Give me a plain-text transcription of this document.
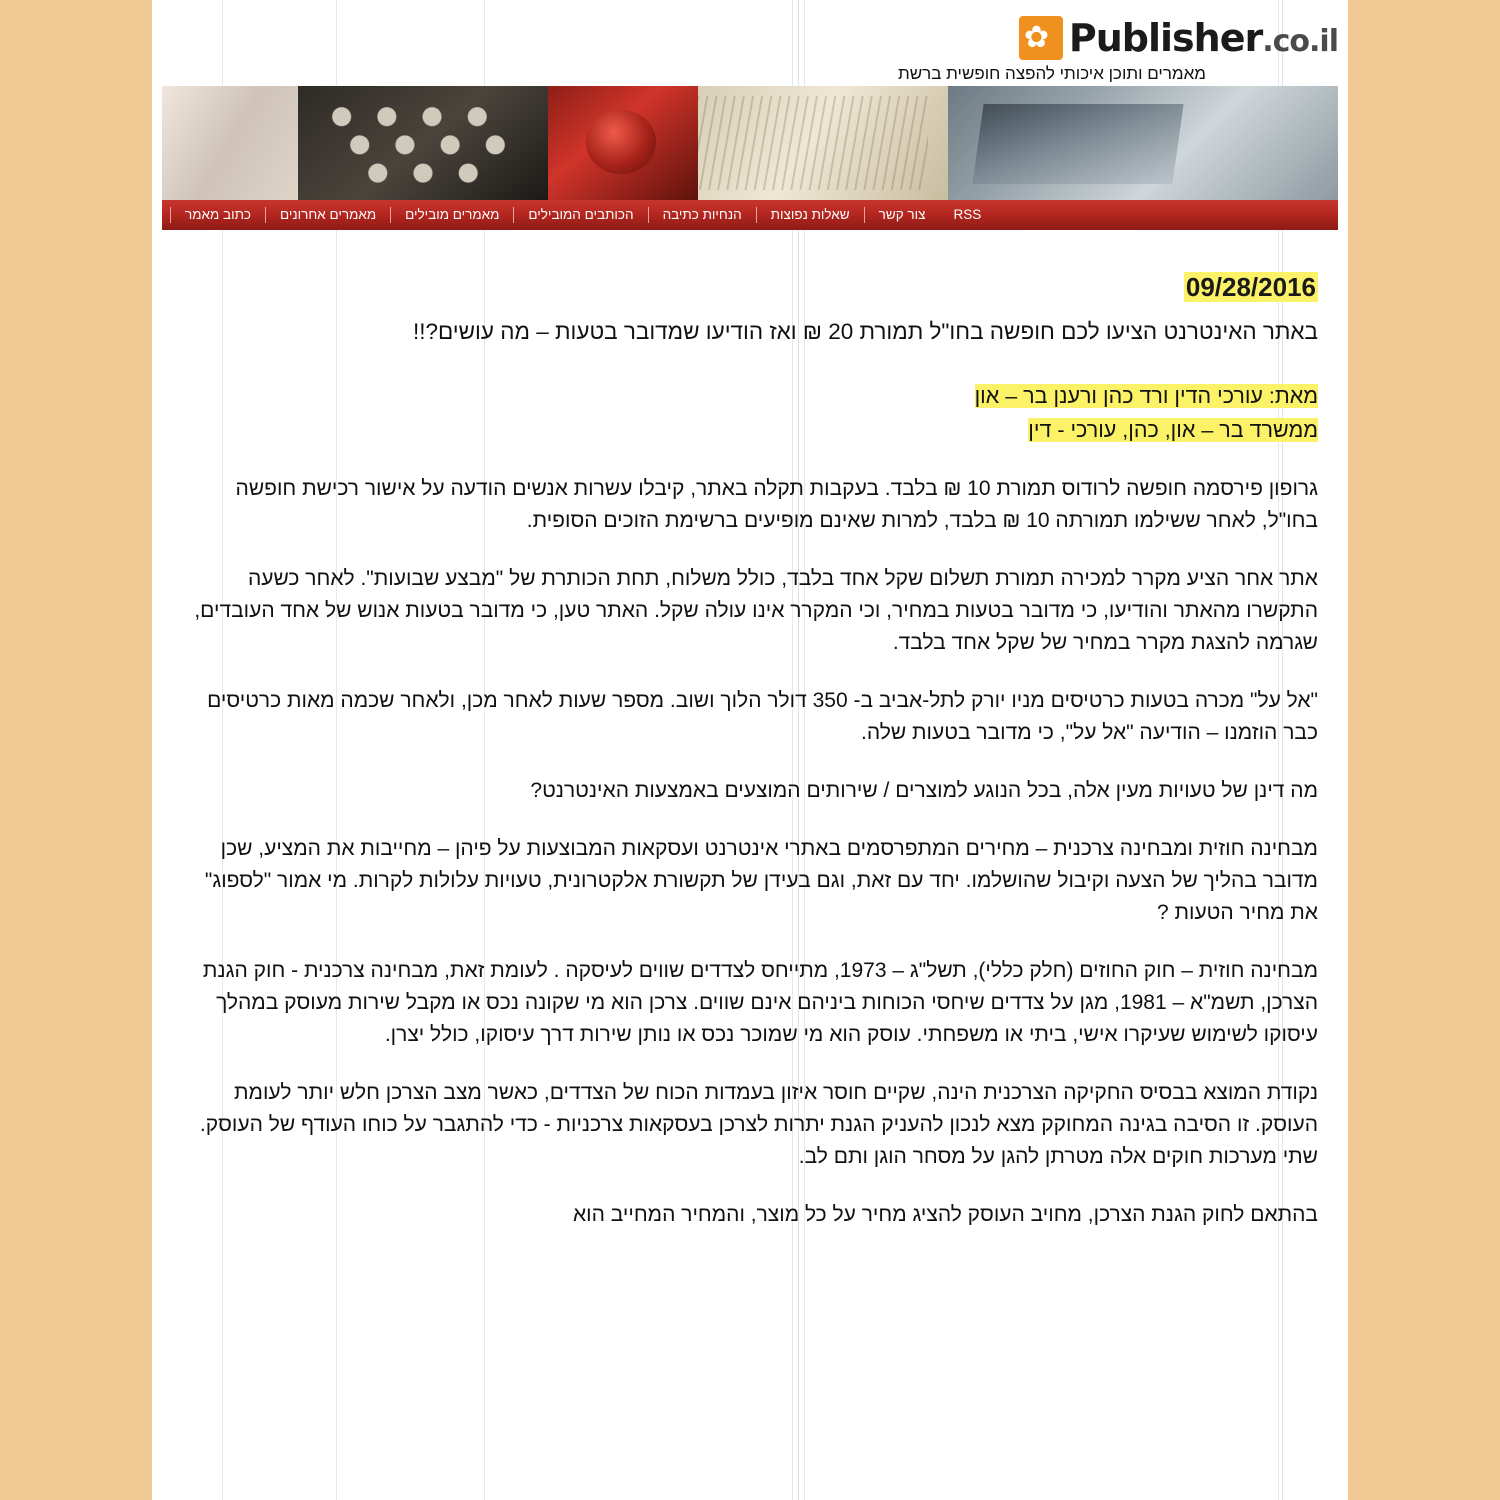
✿ Publisher.co.il
מאמרים ותוכן איכותי להפצה חופשית ברשת
כתוב מאמר	מאמרים אחרונים	מאמרים מובילים	הכותבים המובילים	הנחיות כתיבה	שאלות נפוצות	צור קשר	RSS
09/28/2016
באתר האינטרנט הציעו לכם חופשה בחו"ל תמורת 20 ₪ ואז הודיעו שמדובר בטעות – מה עושים?!!
מאת: עורכי הדין ורד כהן ורענן בר – און
ממשרד בר – און, כהן, עורכי - דין

גרופון פירסמה חופשה לרודוס תמורת 10 ₪ בלבד. בעקבות תקלה באתר, קיבלו עשרות אנשים הודעה על אישור רכישת חופשה בחו"ל, לאחר ששילמו תמורתה 10 ₪ בלבד, למרות שאינם מופיעים ברשימת הזוכים הסופית.

אתר אחר הציע מקרר למכירה תמורת תשלום שקל אחד בלבד, כולל משלוח, תחת הכותרת של "מבצע שבועות". לאחר כשעה התקשרו מהאתר והודיעו, כי מדובר בטעות במחיר, וכי המקרר אינו עולה שקל. האתר טען, כי מדובר בטעות אנוש של אחד העובדים, שגרמה להצגת מקרר במחיר של שקל אחד בלבד.

"אל על" מכרה בטעות כרטיסים מניו יורק לתל-אביב ב- 350 דולר הלוך ושוב. מספר שעות לאחר מכן, ולאחר שכמה מאות כרטיסים כבר הוזמנו – הודיעה "אל על", כי מדובר בטעות שלה.

מה דינן של טעויות מעין אלה, בכל הנוגע למוצרים / שירותים המוצעים באמצעות האינטרנט?

מבחינה חוזית ומבחינה צרכנית – מחירים המתפרסמים באתרי אינטרנט ועסקאות המבוצעות על פיהן – מחייבות את המציע, שכן מדובר בהליך של הצעה וקיבול שהושלמו. יחד עם זאת, וגם בעידן של תקשורת אלקטרונית, טעויות עלולות לקרות. מי אמור "לספוג" את מחיר הטעות ?

מבחינה חוזית – חוק החוזים (חלק כללי), תשל"ג – 1973, מתייחס לצדדים שווים לעיסקה . לעומת זאת, מבחינה צרכנית - חוק הגנת הצרכן, תשמ"א – 1981, מגן על צדדים שיחסי הכוחות ביניהם אינם שווים. צרכן הוא מי שקונה נכס או מקבל שירות מעוסק במהלך עיסוקו לשימוש שעיקרו אישי, ביתי או משפחתי. עוסק הוא מי שמוכר נכס או נותן שירות דרך עיסוקו, כולל יצרן.

נקודת המוצא בבסיס החקיקה הצרכנית הינה, שקיים חוסר איזון בעמדות הכוח של הצדדים, כאשר מצב הצרכן חלש יותר לעומת העוסק. זו הסיבה בגינה המחוקק מצא לנכון להעניק הגנת יתרות לצרכן בעסקאות צרכניות - כדי להתגבר על כוחו העודף של העוסק. שתי מערכות חוקים אלה מטרתן להגן על מסחר הוגן ותם לב.

בהתאם לחוק הגנת הצרכן, מחויב העוסק להציג מחיר על כל מוצר, והמחיר המחייב הוא
